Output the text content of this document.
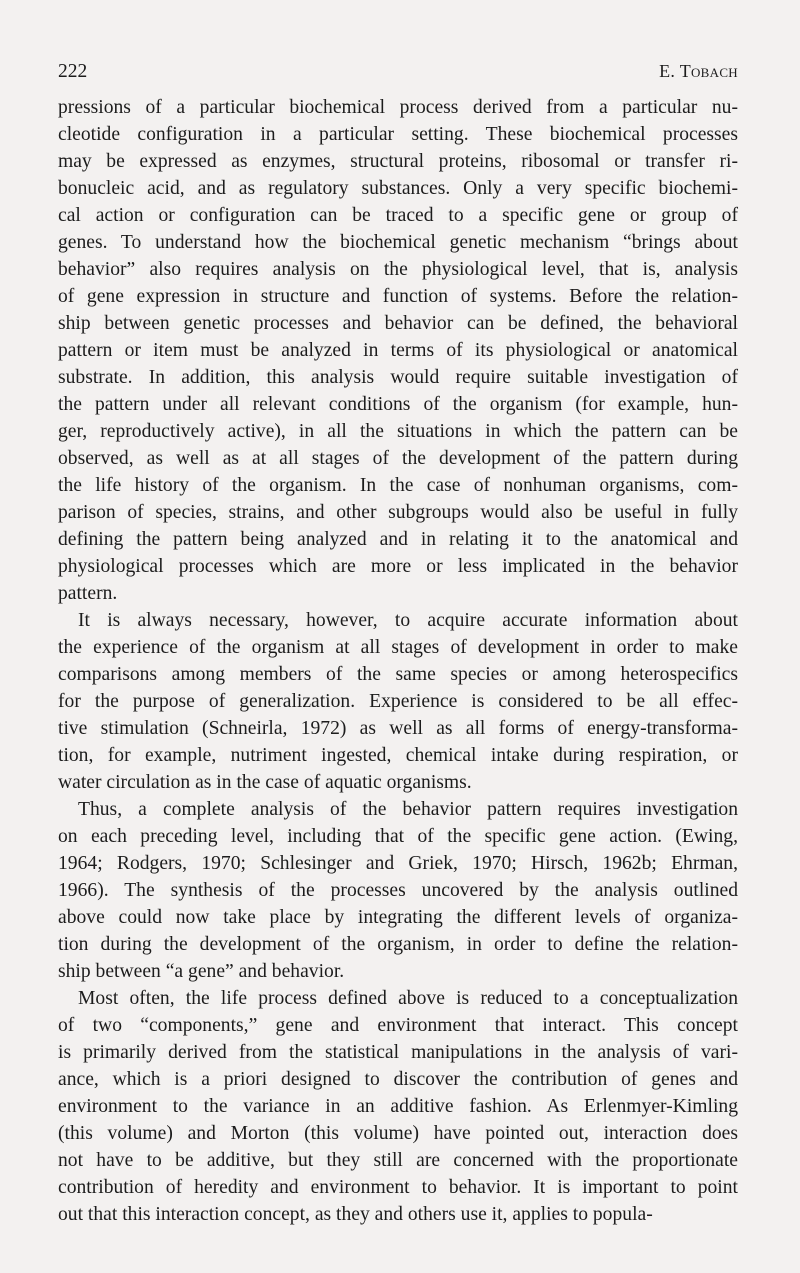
222	E. Tobach
pressions of a particular biochemical process derived from a particular nu-
cleotide configuration in a particular setting. These biochemical processes
may be expressed as enzymes, structural proteins, ribosomal or transfer ri-
bonucleic acid, and as regulatory substances. Only a very specific biochemi-
cal action or configuration can be traced to a specific gene or group of
genes. To understand how the biochemical genetic mechanism “brings about
behavior” also requires analysis on the physiological level, that is, analysis
of gene expression in structure and function of systems. Before the relation-
ship between genetic processes and behavior can be defined, the behavioral
pattern or item must be analyzed in terms of its physiological or anatomical
substrate. In addition, this analysis would require suitable investigation of
the pattern under all relevant conditions of the organism (for example, hun-
ger, reproductively active), in all the situations in which the pattern can be
observed, as well as at all stages of the development of the pattern during
the life history of the organism. In the case of nonhuman organisms, com-
parison of species, strains, and other subgroups would also be useful in fully
defining the pattern being analyzed and in relating it to the anatomical and
physiological processes which are more or less implicated in the behavior
pattern.
It is always necessary, however, to acquire accurate information about
the experience of the organism at all stages of development in order to make
comparisons among members of the same species or among heterospecifics
for the purpose of generalization. Experience is considered to be all effec-
tive stimulation (Schneirla, 1972) as well as all forms of energy-transforma-
tion, for example, nutriment ingested, chemical intake during respiration, or
water circulation as in the case of aquatic organisms.
Thus, a complete analysis of the behavior pattern requires investigation
on each preceding level, including that of the specific gene action. (Ewing,
1964; Rodgers, 1970; Schlesinger and Griek, 1970; Hirsch, 1962b; Ehrman,
1966). The synthesis of the processes uncovered by the analysis outlined
above could now take place by integrating the different levels of organiza-
tion during the development of the organism, in order to define the relation-
ship between “a gene” and behavior.
Most often, the life process defined above is reduced to a conceptualization
of two “components,” gene and environment that interact. This concept
is primarily derived from the statistical manipulations in the analysis of vari-
ance, which is a priori designed to discover the contribution of genes and
environment to the variance in an additive fashion. As Erlenmyer-Kimling
(this volume) and Morton (this volume) have pointed out, interaction does
not have to be additive, but they still are concerned with the proportionate
contribution of heredity and environment to behavior. It is important to point
out that this interaction concept, as they and others use it, applies to popula-
